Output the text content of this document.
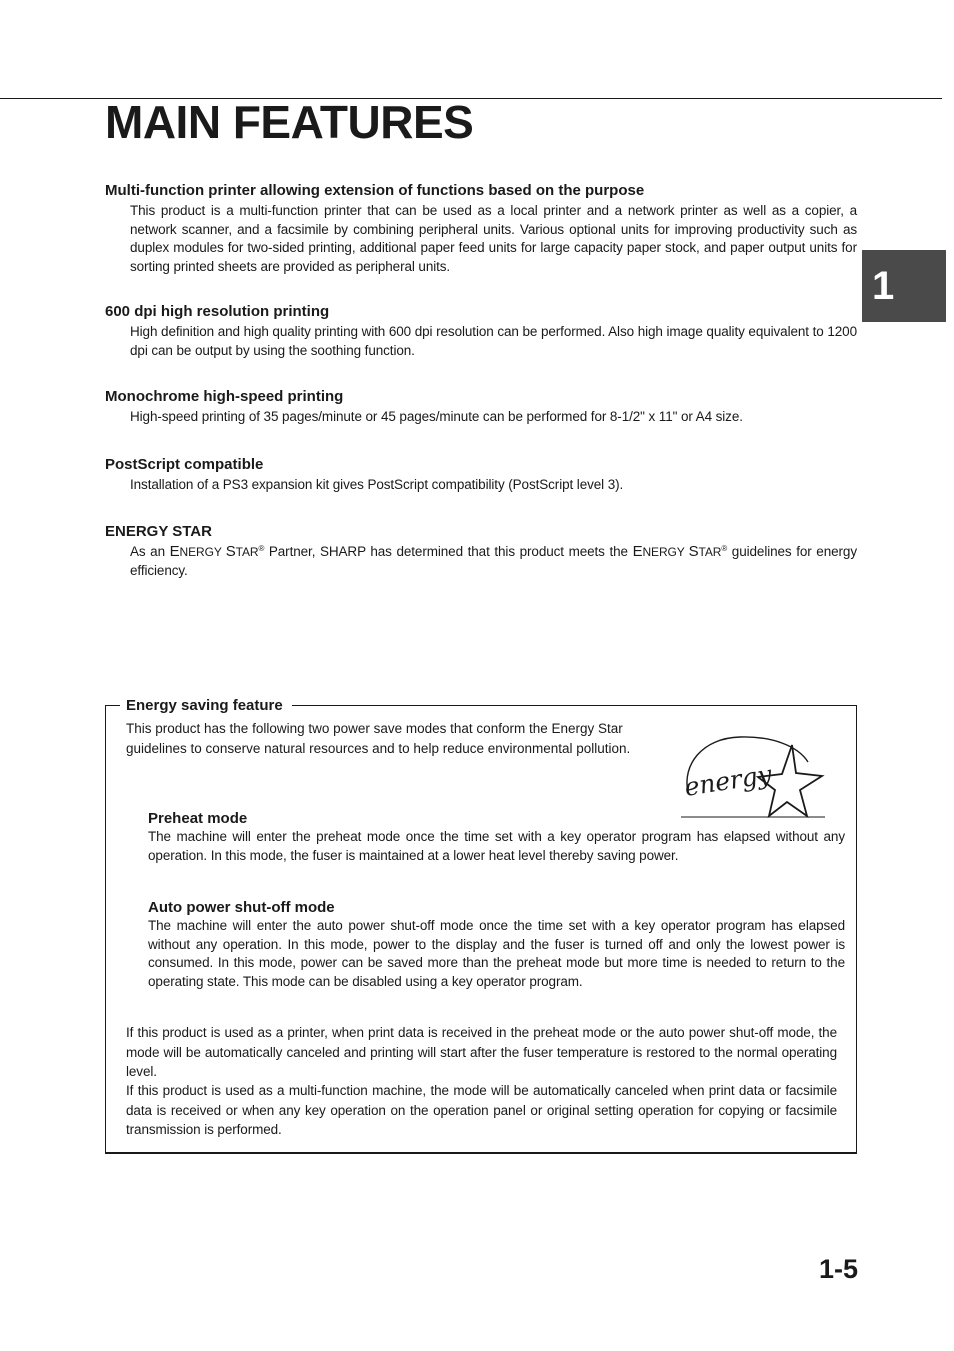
MAIN FEATURES
1
Multi-function printer allowing extension of functions based on the purpose

This product is a multi-function printer that can be used as a local printer and a network printer as well as a copier, a network scanner, and a facsimile by combining peripheral units. Various optional units for improving productivity such as duplex modules for two-sided printing, additional paper feed units for large capacity paper stock, and paper output units for sorting printed sheets are provided as peripheral units.

600 dpi high resolution printing

High definition and high quality printing with 600 dpi resolution can be performed. Also high image quality equivalent to 1200 dpi can be output by using the soothing function.

Monochrome high-speed printing

High-speed printing of 35 pages/minute or 45 pages/minute can be performed for 8-1/2" x 11" or A4 size.

PostScript compatible

Installation of a PS3 expansion kit gives PostScript compatibility (PostScript level 3).

ENERGY STAR

As an ENERGY STAR® Partner, SHARP has determined that this product meets the ENERGY STAR® guidelines for energy efficiency.

Energy saving feature

This product has the following two power save modes that conform the Energy Star guidelines to conserve natural resources and to help reduce environmental pollution.

energy
Preheat mode

The machine will enter the preheat mode once the time set with a key operator program has elapsed without any operation. In this mode, the fuser is maintained at a lower heat level thereby saving power.

Auto power shut-off mode

The machine will enter the auto power shut-off mode once the time set with a key operator program has elapsed without any operation. In this mode, power to the display and the fuser is turned off and only the lowest power is consumed. In this mode, power can be saved more than the preheat mode but more time is needed to return to the operating state. This mode can be disabled using a key operator program.

If this product is used as a printer, when print data is received in the preheat mode or the auto power shut-off mode, the mode will be automatically canceled and printing will start after the fuser temperature is restored to the normal operating level.

If this product is used as a multi-function machine, the mode will be automatically canceled when print data or facsimile data is received or when any key operation on the operation panel or original setting operation for copying or facsimile transmission is performed.

1-5
